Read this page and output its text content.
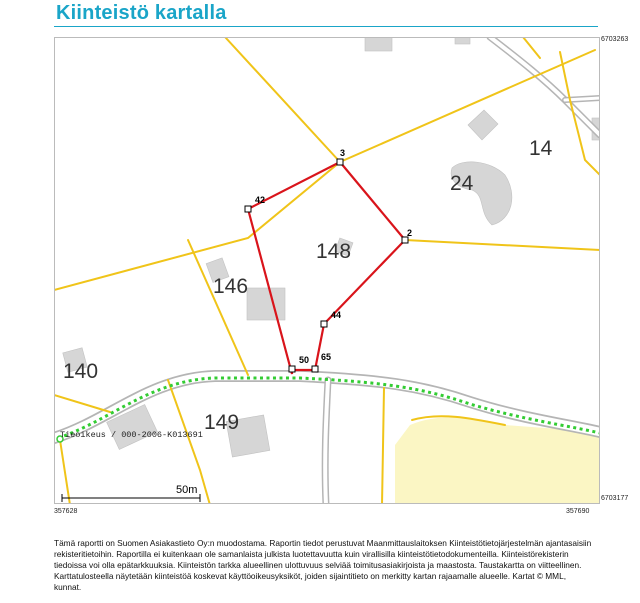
Kiinteistö kartalla
3
2
42
44
50 65
14
24
148
146
140
149
Tieoikeus / 000-2006-K013691
50m
6703263
6703177
357628	357690
Tämä raportti on Suomen Asiakastieto Oy:n muodostama. Raportin tiedot perustuvat Maanmittauslaitoksen Kiinteistötietojärjestelmän ajantasaisiin rekisteritietoihin. Raportilla ei kuitenkaan ole samanlaista julkista luotettavuutta kuin virallisilla kiinteistötietodokumenteilla. Kiinteistörekisterin tiedoissa voi olla epätarkkuuksia. Kiinteistön tarkka alueellinen ulottuvuus selviää toimitusasiakirjoista ja maastosta. Taustakartta on viitteellinen. Karttatulosteella näytetään kiinteistöä koskevat käyttöoikeusyksiköt, joiden sijaintitieto on merkitty kartan rajaamalle alueelle. Kartat © MML, kunnat.
